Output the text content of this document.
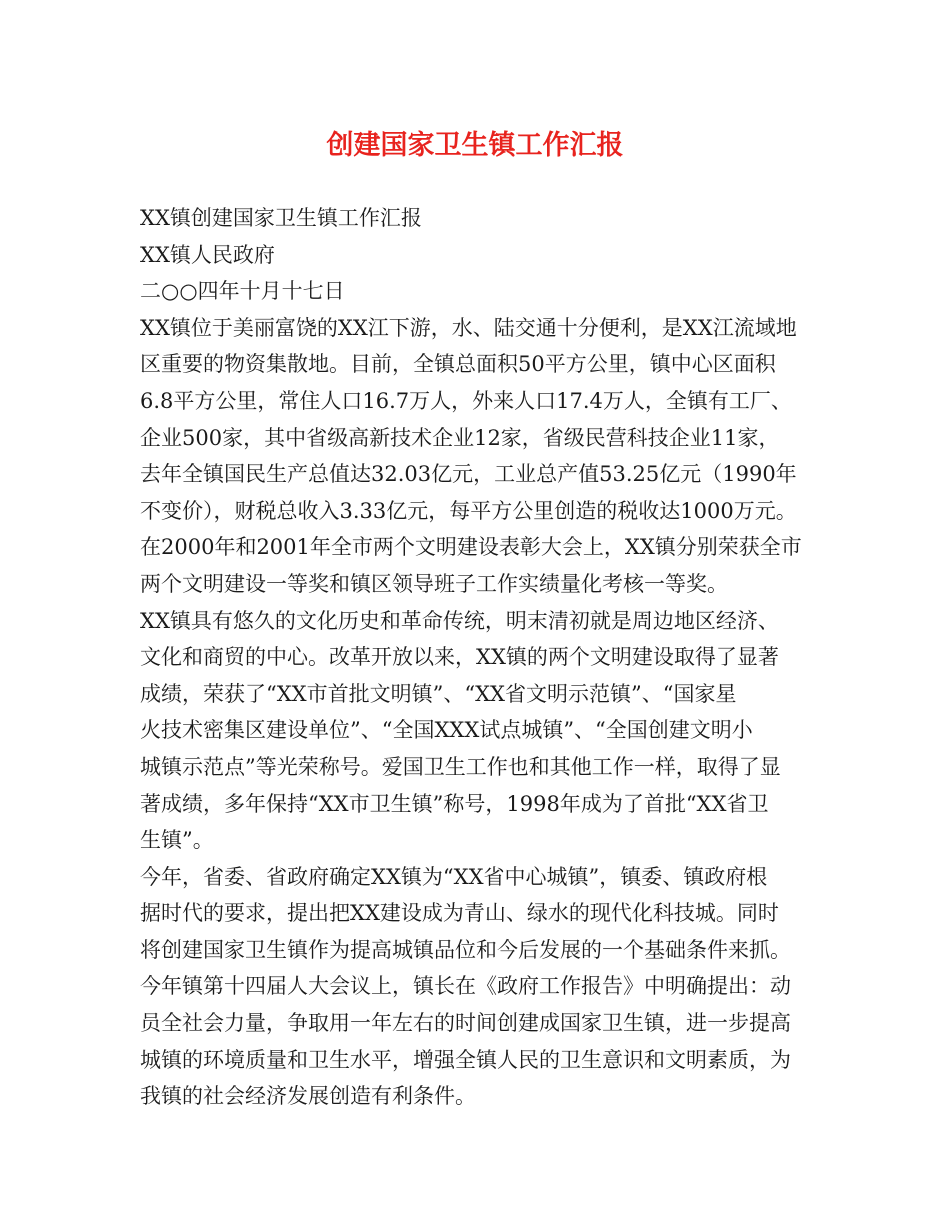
创建国家卫生镇工作汇报
XX镇创建国家卫生镇工作汇报
XX镇人民政府
二○○四年十月十七日
XX镇位于美丽富饶的XX江下游，水、陆交通十分便利，是XX江流域地
区重要的物资集散地。目前，全镇总面积50平方公里，镇中心区面积
6.8平方公里，常住人口16.7万人，外来人口17.4万人，全镇有工厂、
企业500家，其中省级高新技术企业12家，省级民营科技企业11家，
去年全镇国民生产总值达32.03亿元，工业总产值53.25亿元（1990年
不变价），财税总收入3.33亿元，每平方公里创造的税收达1000万元。
在2000年和2001年全市两个文明建设表彰大会上，XX镇分别荣获全市
两个文明建设一等奖和镇区领导班子工作实绩量化考核一等奖。
XX镇具有悠久的文化历史和革命传统，明末清初就是周边地区经济、
文化和商贸的中心。改革开放以来，XX镇的两个文明建设取得了显著
成绩，荣获了“XX市首批文明镇”、“XX省文明示范镇”、“国家星
火技术密集区建设单位”、“全国XXX试点城镇”、“全国创建文明小
城镇示范点”等光荣称号。爱国卫生工作也和其他工作一样，取得了显
著成绩，多年保持“XX市卫生镇”称号，1998年成为了首批“XX省卫
生镇”。
今年，省委、省政府确定XX镇为“XX省中心城镇”，镇委、镇政府根
据时代的要求，提出把XX建设成为青山、绿水的现代化科技城。同时
将创建国家卫生镇作为提高城镇品位和今后发展的一个基础条件来抓。
今年镇第十四届人大会议上，镇长在《政府工作报告》中明确提出：动
员全社会力量，争取用一年左右的时间创建成国家卫生镇，进一步提高
城镇的环境质量和卫生水平，增强全镇人民的卫生意识和文明素质，为
我镇的社会经济发展创造有利条件。
